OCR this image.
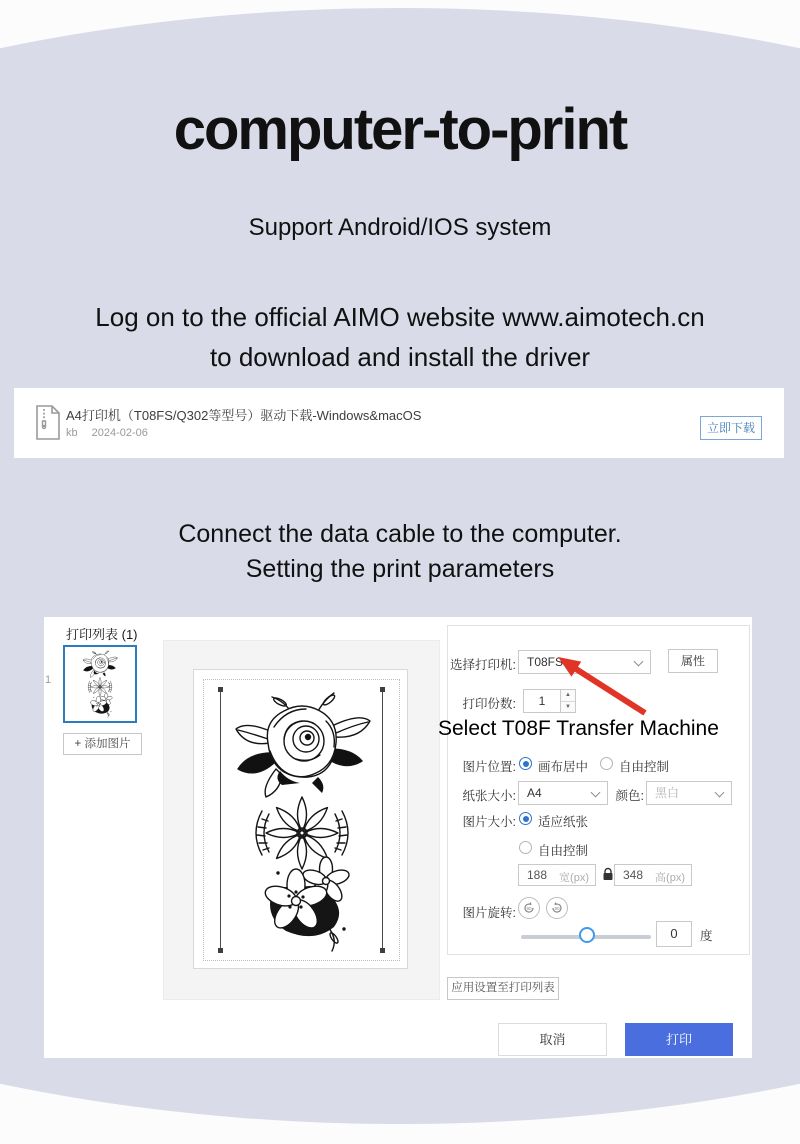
computer-to-print
Support Android/IOS system
Log on to the official AIMO website www.aimotech.cn
to download and install the driver
A4打印机（T08FS/Q302等型号）驱动下载-Windows&macOS
kb 2024-02-06	立即下载
Connect the data cable to the computer.
Setting the print parameters
打印列表 (1)
1
+ 添加图片
选择打印机: T08FS	属性
打印份数:	1	▲
▼
图片位置: 画布居中 自由控制
纸张大小: A4	颜色: 黑白
图片大小: 适应纸张
自由控制
188 宽(px)	348 高(px)
图片旋转: 90	90
0	度
应用设置至打印列表
取消	打印
Select T08F Transfer Machine
